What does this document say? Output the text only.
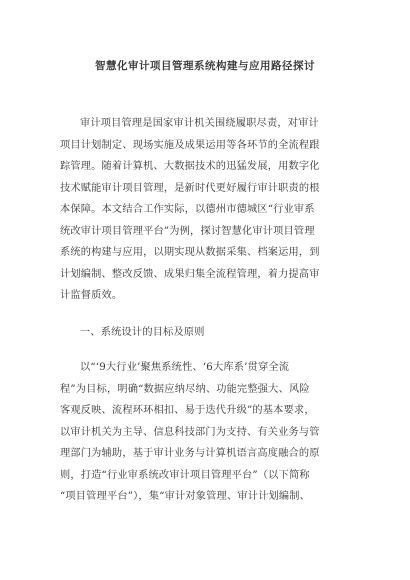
智慧化审计项目管理系统构建与应用路径探讨
审计项目管理是国家审计机关围绕履职尽责，对审计
项目计划制定、现场实施及成果运用等各环节的全流程跟
踪管理。随着计算机、大数据技术的迅猛发展，用数字化
技术赋能审计项目管理，是新时代更好履行审计职责的根
本保障。本文结合工作实际，以德州市德城区“行业审系
统改审计项目管理平台”为例，探讨智慧化审计项目管理
系统的构建与应用，以期实现从数据采集、档案运用，到
计划编制、整改反馈、成果归集全流程管理，着力提高审
计监督质效。
一、系统设计的目标及原则
以“‘9大行业’聚焦系统性、‘6大库系’贯穿全流
程”为目标，明确“数据应纳尽纳、功能完整强大、风险
客观反映、流程环环相扣、易于迭代升级”的基本要求，
以审计机关为主导、信息科技部门为支持、有关业务与管
理部门为辅助，基于审计业务与计算机语言高度融合的原
则，打造“行业审系统改审计项目管理平台”（以下简称
“项目管理平台”），集“审计对象管理、审计计划编制、
